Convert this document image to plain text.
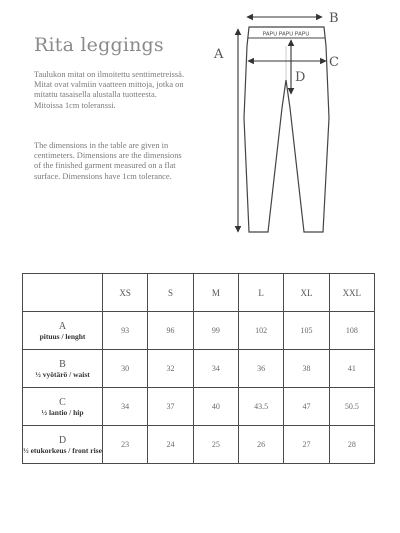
Rita leggings
Taulukon mitat on ilmoitettu senttimetreissä. Mitat ovat valmiin vaatteen mittoja, jotka on mitattu tasaisella alustalla tuotteesta. Mitoissa 1cm toleranssi.
The dimensions in the table are given in centimeters. Dimensions are the dimensions of the finished garment measured on a flat surface. Dimensions have 1cm tolerance.
PAPU PAPU PAPU
A
B
C
D
	XS	S	M	L	XL	XXL

A
pituus / lenght	93	96	99	102	105	108

B
½ vyötärö / waist	30	32	34	36	38	41

C
½ lantio / hip	34	37	40	43.5	47	50.5

D
½ etukorkeus / front rise	23	24	25	26	27	28
